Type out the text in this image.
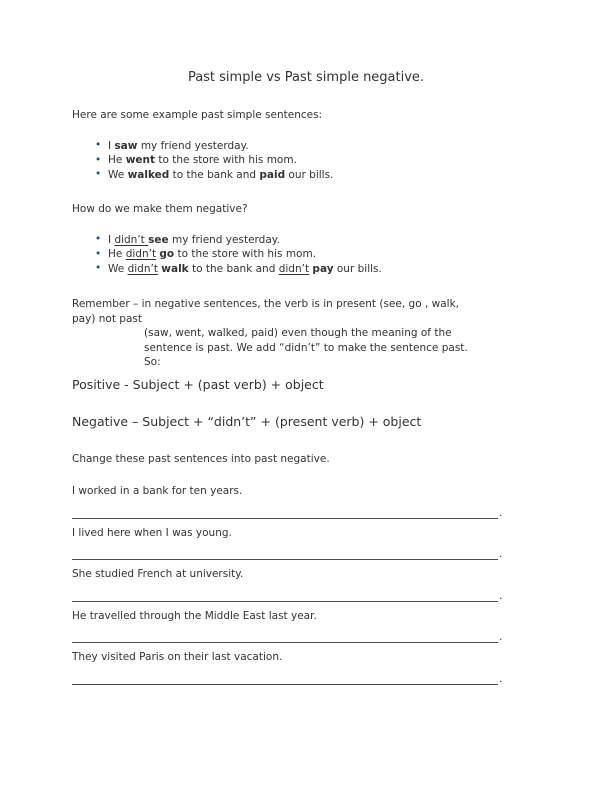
Past simple vs Past simple negative.

Here are some example past simple sentences:

• I saw my friend yesterday.
• He went to the store with his mom.
• We walked to the bank and paid our bills.

How do we make them negative?

• I didn’t see my friend yesterday.
• He didn’t go to the store with his mom.
• We didn’t walk to the bank and didn’t pay our bills.
Remember – in negative sentences, the verb is in present (see, go , walk,
pay) not past
(saw, went, walked, paid) even though the meaning of the
sentence is past. We add “didn’t” to make the sentence past.
So:
Positive - Subject + (past verb) + object
Negative – Subject + “didn’t” + (present verb) + object

Change these past sentences into past negative.

I worked in a bank for ten years.
.
I lived here when I was young.
.
She studied French at university.
.
He travelled through the Middle East last year.
.
They visited Paris on their last vacation.
.
